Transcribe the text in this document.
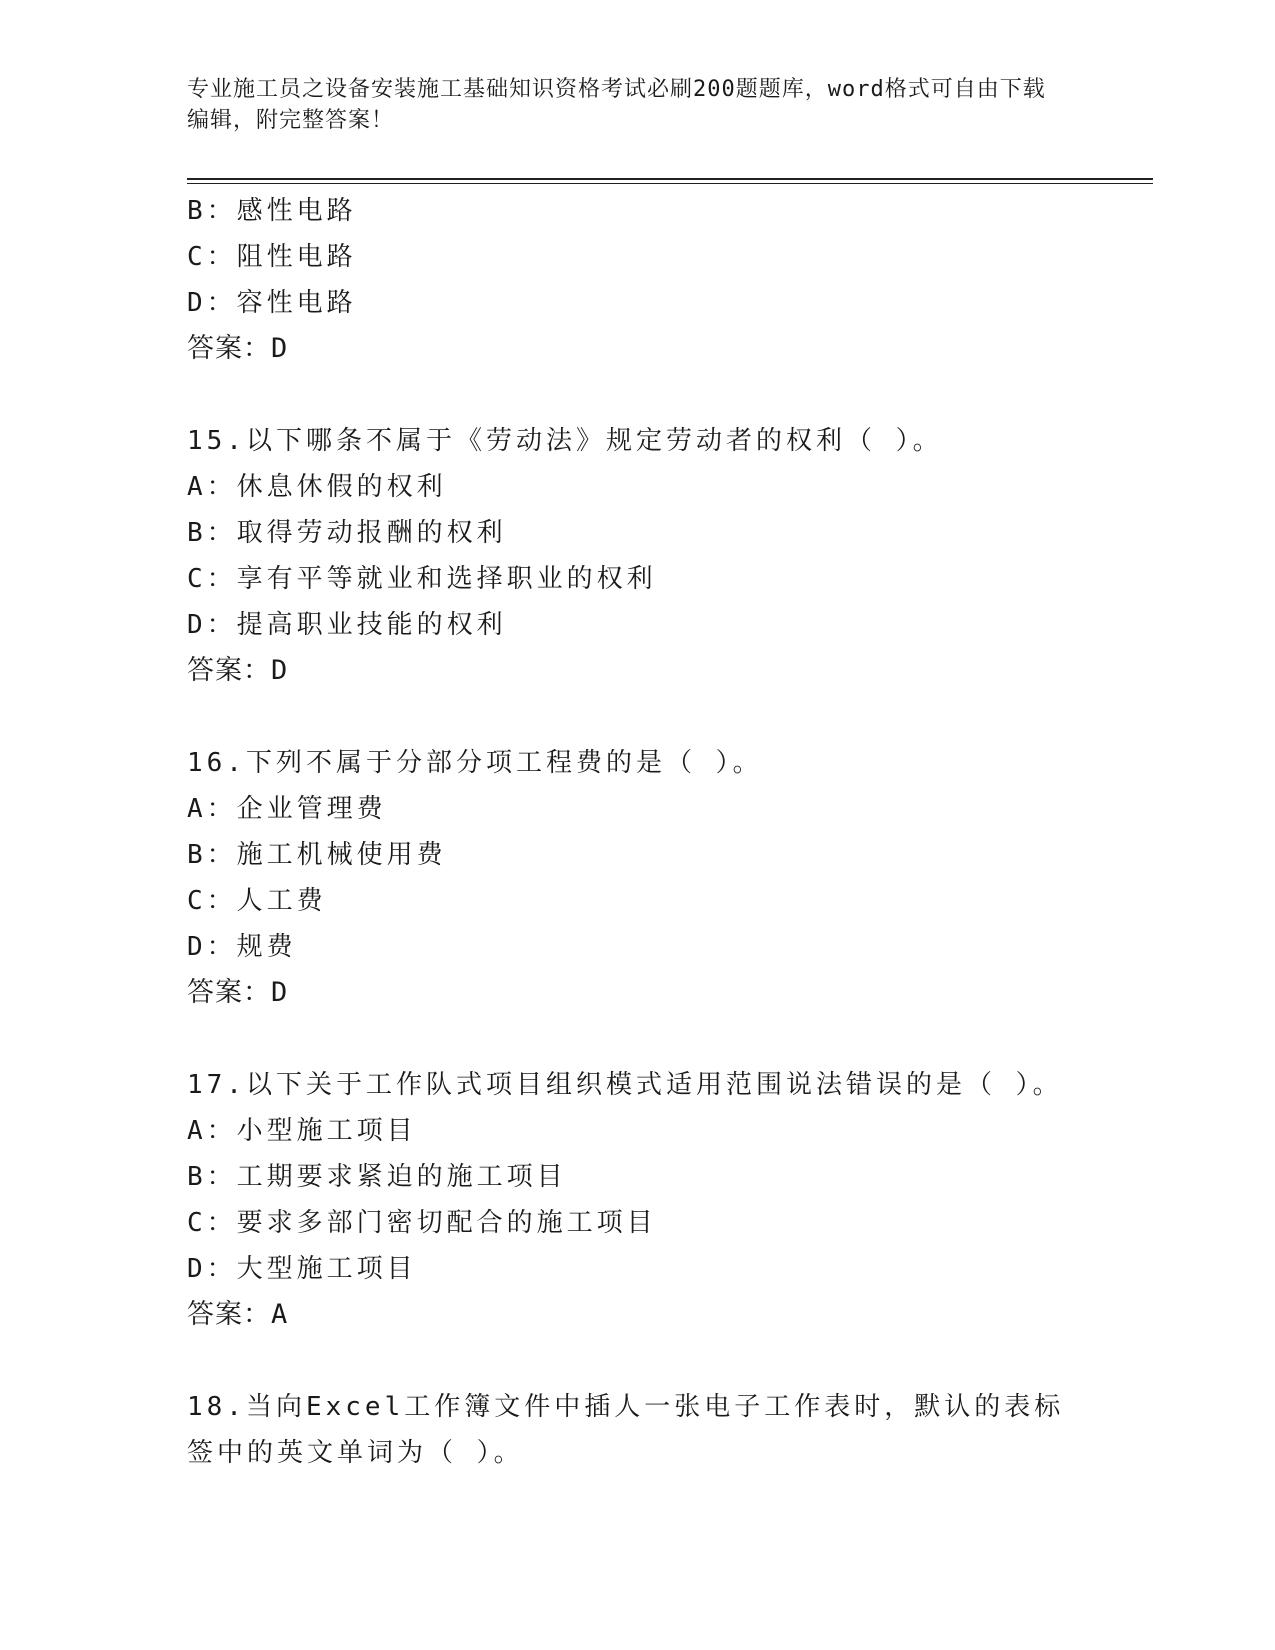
专业施工员之设备安装施工基础知识资格考试必刷200题题库，word格式可自由下载编辑，附完整答案！

B：感性电路
C：阻性电路
D：容性电路
答案：D
15.以下哪条不属于《劳动法》规定劳动者的权利（ ）。
A：休息休假的权利
B：取得劳动报酬的权利
C：享有平等就业和选择职业的权利
D：提高职业技能的权利
答案：D
16.下列不属于分部分项工程费的是（ ）。
A：企业管理费
B：施工机械使用费
C：人工费
D：规费
答案：D
17.以下关于工作队式项目组织模式适用范围说法错误的是（ ）。
A：小型施工项目
B：工期要求紧迫的施工项目
C：要求多部门密切配合的施工项目
D：大型施工项目
答案：A
18.当向Excel工作簿文件中插人一张电子工作表时，默认的表标签中的英文单词为（ ）。
